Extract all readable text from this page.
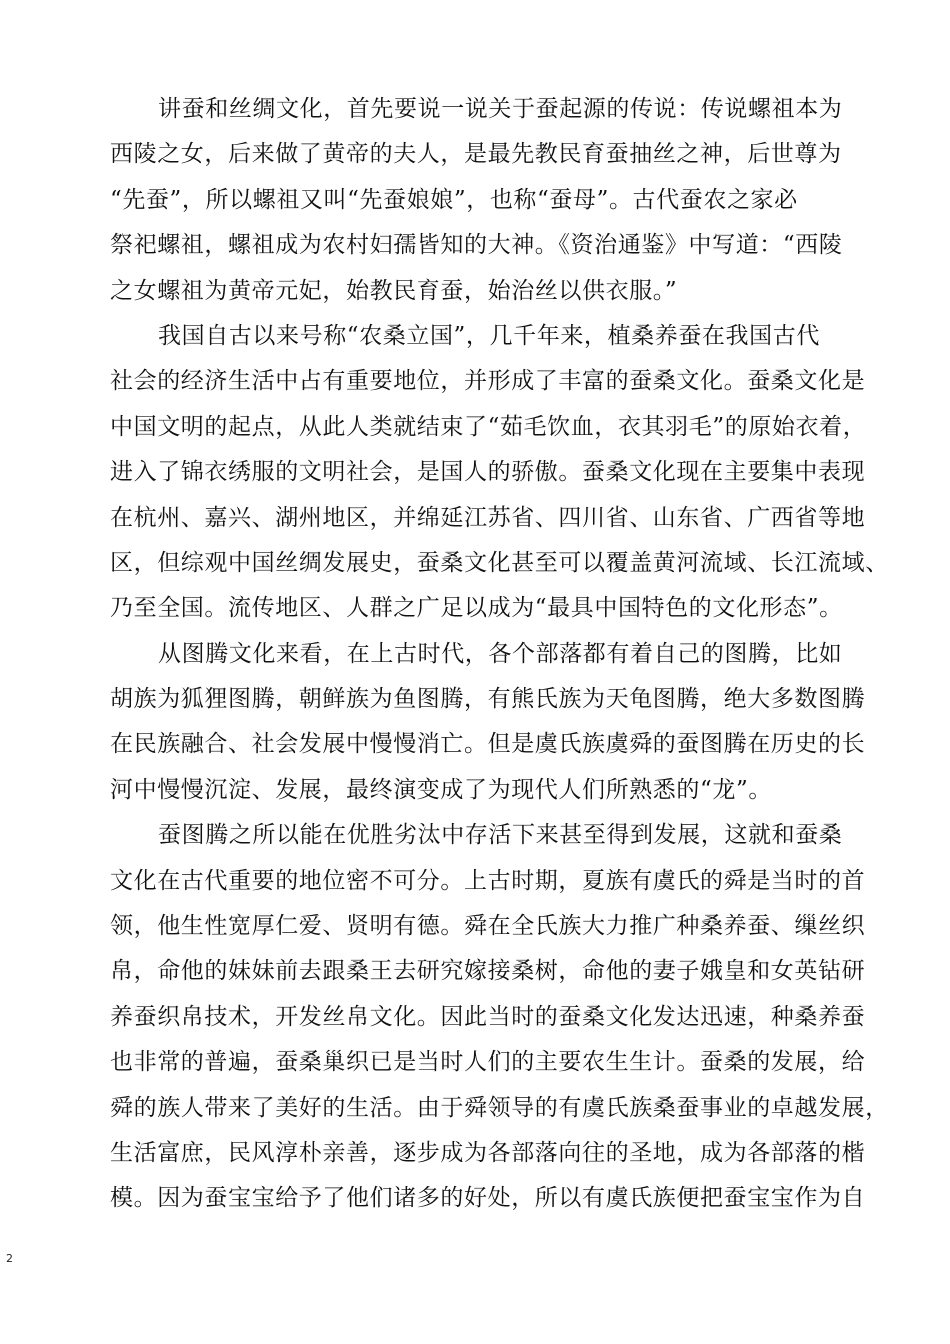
讲蚕和丝绸文化，首先要说一说关于蚕起源的传说：传说螺祖本为
西陵之女，后来做了黄帝的夫人，是最先教民育蚕抽丝之神，后世尊为
“先蚕”，所以螺祖又叫“先蚕娘娘”，也称“蚕母”。古代蚕农之家必
祭祀螺祖，螺祖成为农村妇孺皆知的大神。《资治通鉴》中写道：“西陵
之女螺祖为黄帝元妃，始教民育蚕，始治丝以供衣服。”
我国自古以来号称“农桑立国”，几千年来，植桑养蚕在我国古代
社会的经济生活中占有重要地位，并形成了丰富的蚕桑文化。蚕桑文化是
中国文明的起点，从此人类就结束了“茹毛饮血，衣其羽毛”的原始衣着，
进入了锦衣绣服的文明社会，是国人的骄傲。蚕桑文化现在主要集中表现
在杭州、嘉兴、湖州地区，并绵延江苏省、四川省、山东省、广西省等地
区，但综观中国丝绸发展史，蚕桑文化甚至可以覆盖黄河流域、长江流域、
乃至全国。流传地区、人群之广足以成为“最具中国特色的文化形态”。
从图腾文化来看，在上古时代，各个部落都有着自己的图腾，比如
胡族为狐狸图腾，朝鲜族为鱼图腾，有熊氏族为天龟图腾，绝大多数图腾
在民族融合、社会发展中慢慢消亡。但是虞氏族虞舜的蚕图腾在历史的长
河中慢慢沉淀、发展，最终演变成了为现代人们所熟悉的“龙”。
蚕图腾之所以能在优胜劣汰中存活下来甚至得到发展，这就和蚕桑
文化在古代重要的地位密不可分。上古时期，夏族有虞氏的舜是当时的首
领，他生性宽厚仁爱、贤明有德。舜在全氏族大力推广种桑养蚕、缫丝织
帛，命他的妹妹前去跟桑王去研究嫁接桑树，命他的妻子娥皇和女英钻研
养蚕织帛技术，开发丝帛文化。因此当时的蚕桑文化发达迅速，种桑养蚕
也非常的普遍，蚕桑巢织已是当时人们的主要农生生计。蚕桑的发展，给
舜的族人带来了美好的生活。由于舜领导的有虞氏族桑蚕事业的卓越发展，
生活富庶，民风淳朴亲善，逐步成为各部落向往的圣地，成为各部落的楷
模。因为蚕宝宝给予了他们诸多的好处，所以有虞氏族便把蚕宝宝作为自
2
